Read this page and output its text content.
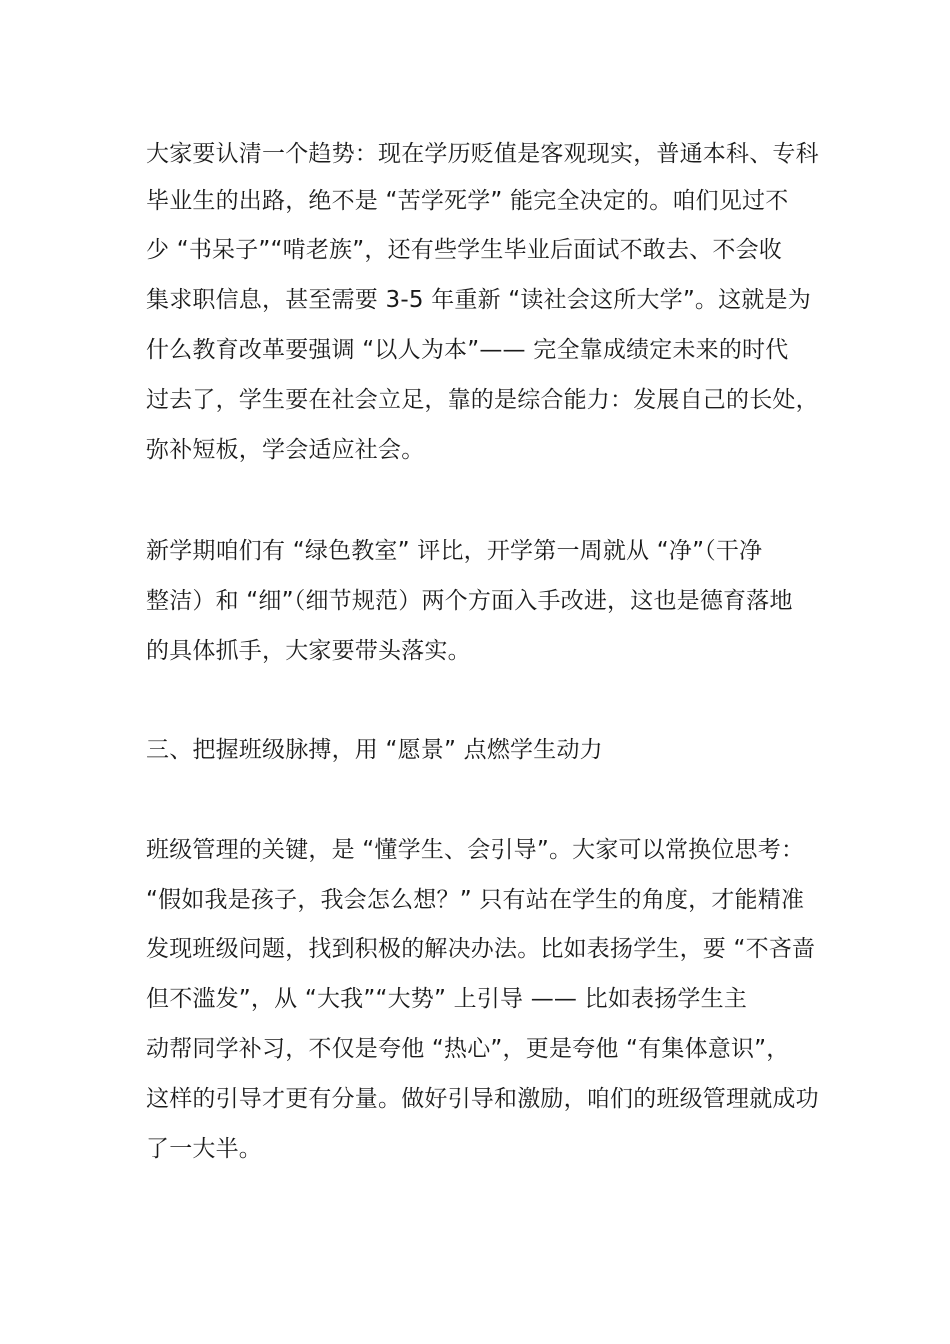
大家要认清一个趋势：现在学历贬值是客观现实，普通本科、专科
毕业生的出路，绝不是 “苦学死学” 能完全决定的。咱们见过不
少 “书呆子”“啃老族”，还有些学生毕业后面试不敢去、不会收
集求职信息，甚至需要 3-5 年重新 “读社会这所大学”。这就是为
什么教育改革要强调 “以人为本”—— 完全靠成绩定未来的时代
过去了，学生要在社会立足，靠的是综合能力：发展自己的长处，
弥补短板，学会适应社会。
新学期咱们有 “绿色教室” 评比，开学第一周就从 “净”（干净
整洁）和 “细”（细节规范）两个方面入手改进，这也是德育落地
的具体抓手，大家要带头落实。
三、把握班级脉搏，用 “愿景” 点燃学生动力
班级管理的关键，是 “懂学生、会引导”。大家可以常换位思考：
“假如我是孩子，我会怎么想？” 只有站在学生的角度，才能精准
发现班级问题，找到积极的解决办法。比如表扬学生，要 “不吝啬
但不滥发”，从 “大我”“大势” 上引导 —— 比如表扬学生主
动帮同学补习，不仅是夸他 “热心”，更是夸他 “有集体意识”，
这样的引导才更有分量。做好引导和激励，咱们的班级管理就成功
了一大半。
